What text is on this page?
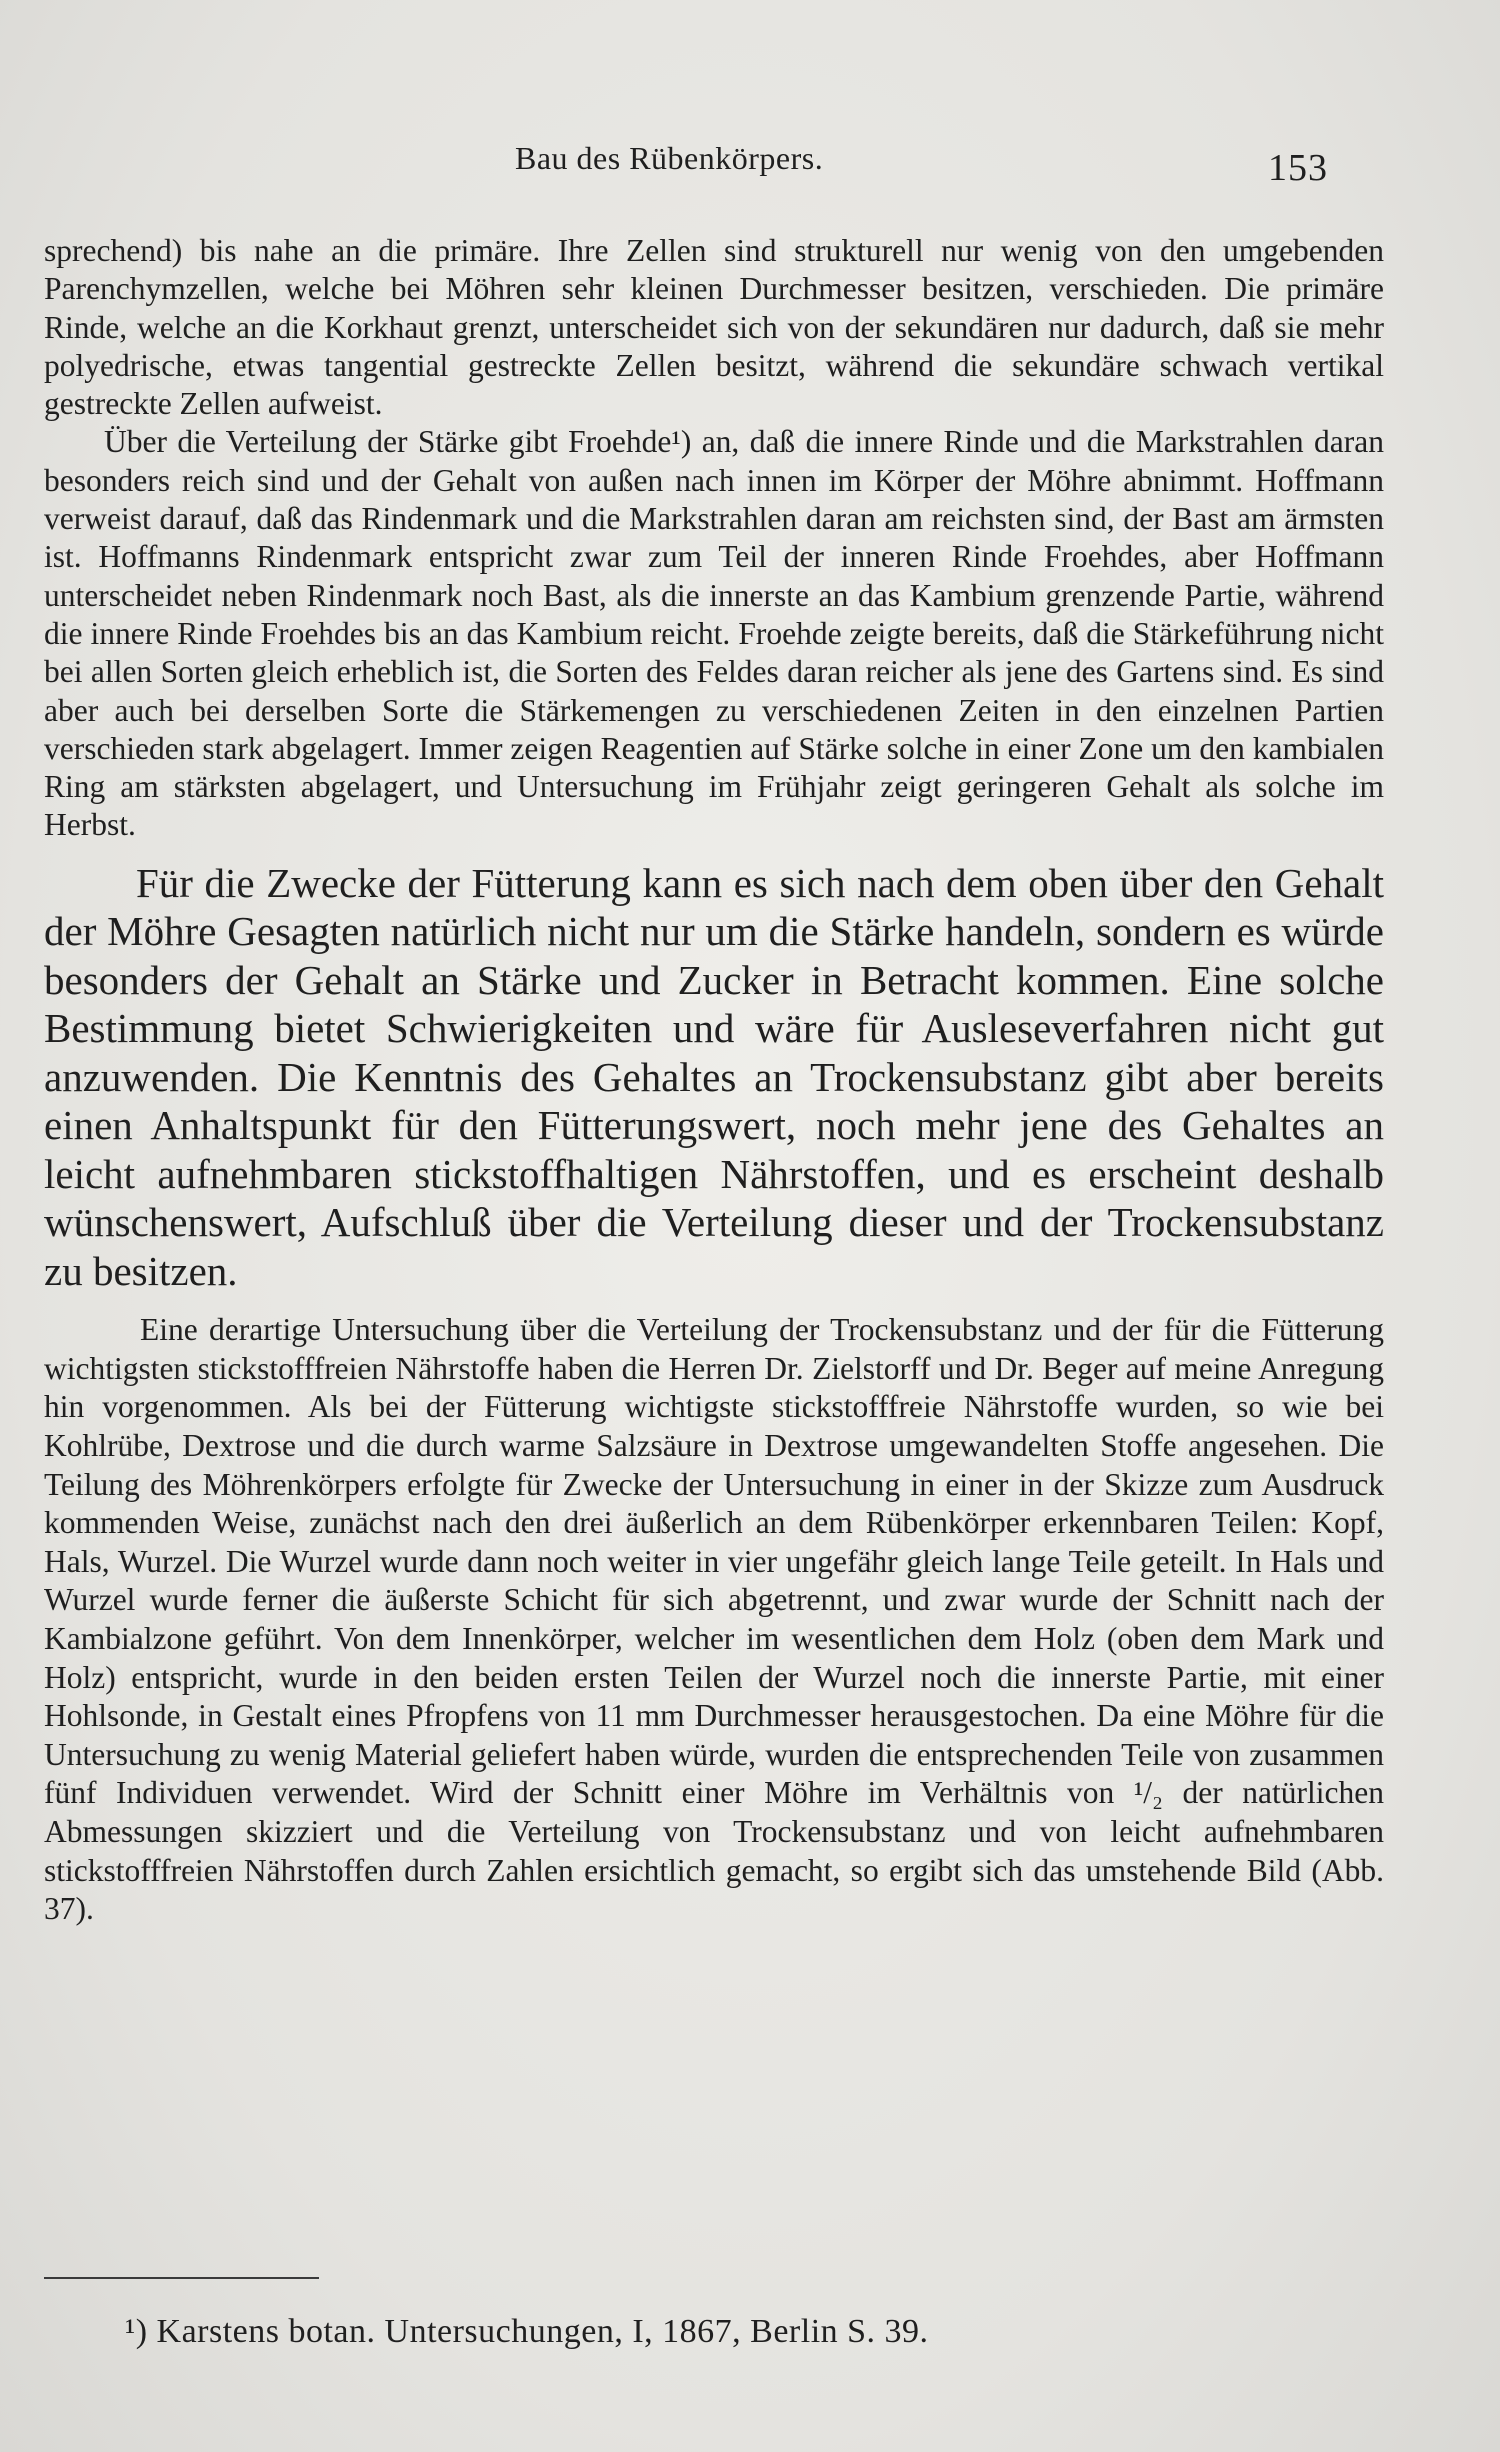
Bau des Rübenkörpers.	153

sprechend) bis nahe an die primäre. Ihre Zellen sind strukturell nur wenig von den umgebenden Parenchymzellen, welche bei Möhren sehr kleinen Durchmesser besitzen, verschieden. Die primäre Rinde, welche an die Korkhaut grenzt, unterscheidet sich von der sekundären nur dadurch, daß sie mehr polyedrische, etwas tangential gestreckte Zellen besitzt, während die sekundäre schwach vertikal gestreckte Zellen aufweist.

Über die Verteilung der Stärke gibt Froehde¹) an, daß die innere Rinde und die Markstrahlen daran besonders reich sind und der Gehalt von außen nach innen im Körper der Möhre abnimmt. Hoffmann verweist darauf, daß das Rindenmark und die Markstrahlen daran am reichsten sind, der Bast am ärmsten ist. Hoffmanns Rindenmark entspricht zwar zum Teil der inneren Rinde Froehdes, aber Hoffmann unterscheidet neben Rindenmark noch Bast, als die innerste an das Kambium grenzende Partie, während die innere Rinde Froehdes bis an das Kambium reicht. Froehde zeigte bereits, daß die Stärkeführung nicht bei allen Sorten gleich erheblich ist, die Sorten des Feldes daran reicher als jene des Gartens sind. Es sind aber auch bei derselben Sorte die Stärkemengen zu verschiedenen Zeiten in den einzelnen Partien verschieden stark abgelagert. Immer zeigen Reagentien auf Stärke solche in einer Zone um den kambialen Ring am stärksten abgelagert, und Untersuchung im Frühjahr zeigt geringeren Gehalt als solche im Herbst.

Für die Zwecke der Fütterung kann es sich nach dem oben über den Gehalt der Möhre Gesagten natürlich nicht nur um die Stärke handeln, sondern es würde besonders der Gehalt an Stärke und Zucker in Betracht kommen. Eine solche Bestimmung bietet Schwierigkeiten und wäre für Ausleseverfahren nicht gut anzuwenden. Die Kenntnis des Gehaltes an Trockensubstanz gibt aber bereits einen Anhaltspunkt für den Fütterungswert, noch mehr jene des Gehaltes an leicht aufnehmbaren stickstoffhaltigen Nährstoffen, und es erscheint deshalb wünschenswert, Aufschluß über die Verteilung dieser und der Trockensubstanz zu besitzen.

Eine derartige Untersuchung über die Verteilung der Trockensubstanz und der für die Fütterung wichtigsten stickstofffreien Nährstoffe haben die Herren Dr. Zielstorff und Dr. Beger auf meine Anregung hin vorgenommen. Als bei der Fütterung wichtigste stickstofffreie Nährstoffe wurden, so wie bei Kohlrübe, Dextrose und die durch warme Salzsäure in Dextrose umgewandelten Stoffe angesehen. Die Teilung des Möhrenkörpers erfolgte für Zwecke der Untersuchung in einer in der Skizze zum Ausdruck kommenden Weise, zunächst nach den drei äußerlich an dem Rübenkörper erkennbaren Teilen: Kopf, Hals, Wurzel. Die Wurzel wurde dann noch weiter in vier ungefähr gleich lange Teile geteilt. In Hals und Wurzel wurde ferner die äußerste Schicht für sich abgetrennt, und zwar wurde der Schnitt nach der Kambialzone geführt. Von dem Innenkörper, welcher im wesentlichen dem Holz (oben dem Mark und Holz) entspricht, wurde in den beiden ersten Teilen der Wurzel noch die innerste Partie, mit einer Hohlsonde, in Gestalt eines Pfropfens von 11 mm Durchmesser herausgestochen. Da eine Möhre für die Untersuchung zu wenig Material geliefert haben würde, wurden die entsprechenden Teile von zusammen fünf Individuen verwendet. Wird der Schnitt einer Möhre im Verhältnis von ¹/₂ der natürlichen Abmessungen skizziert und die Verteilung von Trockensubstanz und von leicht aufnehmbaren stickstofffreien Nährstoffen durch Zahlen ersichtlich gemacht, so ergibt sich das umstehende Bild (Abb. 37).

¹) Karstens botan. Untersuchungen, I, 1867, Berlin S. 39.
